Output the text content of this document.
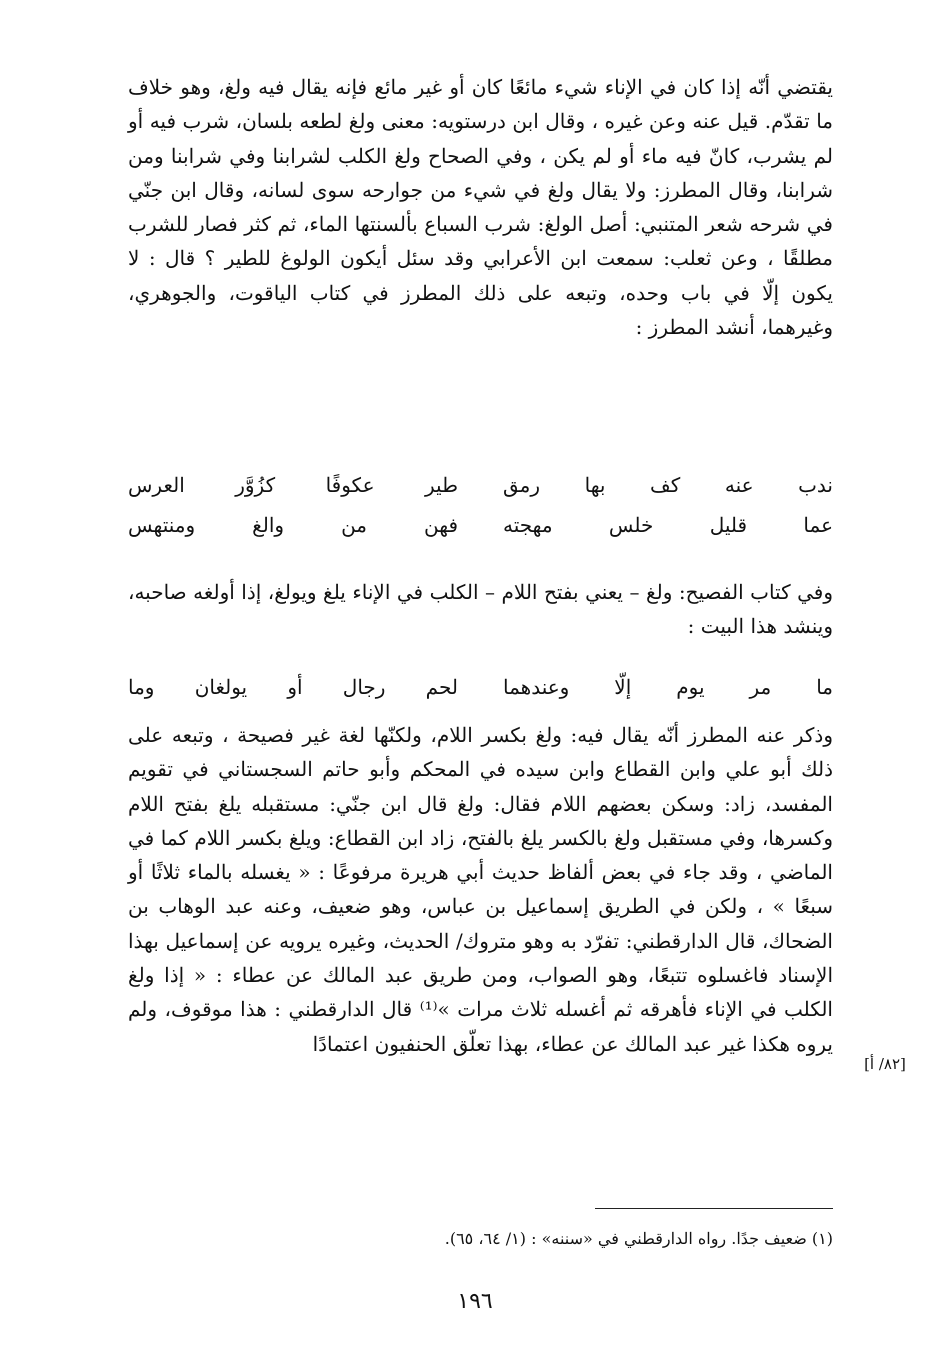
يقتضي أنّه إذا كان في الإناء شيء مائعًا كان أو غير مائع فإنه يقال فيه ولغ، وهو خلاف ما تقدّم. قيل عنه وعن غيره ، وقال ابن درستويه: معنى ولغ لطعه بلسان، شرب فيه أو لم يشرب، كانّ فيه ماء أو لم يكن ، وفي الصحاح ولغ الكلب لشرابنا وفي شرابنا ومن شرابنا، وقال المطرز: ولا يقال ولغ في شيء من جوارحه سوى لسانه، وقال ابن جنّي في شرحه شعر المتنبي: أصل الولغ: شرب السباع بألسنتها الماء، ثم كثر فصار للشرب مطلقًا ، وعن ثعلب: سمعت ابن الأعرابي وقد سئل أيكون الولوغ للطير ؟ قال : لا يكون إلّا في باب وحده، وتبعه على ذلك المطرز في كتاب الياقوت، والجوهري، وغيرهما، أنشد المطرز :

ندب عنه كف بها رمق
طير عكوفًا كزُوَّر العرس
عما قليل خلس مهجته
فهن من والغ ومنتهس

وفي كتاب الفصيح: ولغ – يعني بفتح اللام – الكلب في الإناء يلغ ويولغ، إذا أولغه صاحبه، وينشد هذا البيت :

ما مر يوم إلّا وعندهما
لحم رجال أو يولغان وما

وذكر عنه المطرز أنّه يقال فيه: ولغ بكسر اللام، ولكنّها لغة غير فصيحة ، وتبعه على ذلك أبو علي وابن القطاع وابن سيده في المحكم وأبو حاتم السجستاني في تقويم المفسد، زاد: وسكن بعضهم اللام فقال: ولغ قال ابن جنّي: مستقبله يلغ بفتح اللام وكسرها، وفي مستقبل ولغ بالكسر يلغ بالفتح، زاد ابن القطاع: ويلغ بكسر اللام كما في الماضي ، وقد جاء في بعض ألفاظ حديث أبي هريرة مرفوعًا : « يغسله بالماء ثلاثًا أو سبعًا » ، ولكن في الطريق إسماعيل بن عباس، وهو ضعيف، وعنه عبد الوهاب بن الضحاك، قال الدارقطني: تفرّد به وهو متروك/ الحديث، وغيره يرويه عن إسماعيل بهذا الإسناد فاغسلوه تتبعًا، وهو الصواب، ومن طريق عبد المالك عن عطاء : « إذا ولغ الكلب في الإناء فأهرقه ثم أغسله ثلاث مرات »⁽¹⁾ قال الدارقطني : هذا موقوف، ولم يروه هكذا غير عبد المالك عن عطاء، بهذا تعلّق الحنفيون اعتمادًا

[٨٢/ أ]
(١) ضعيف جدًا. رواه الدارقطني في «سننه» : (١/ ٦٤، ٦٥).
١٩٦
